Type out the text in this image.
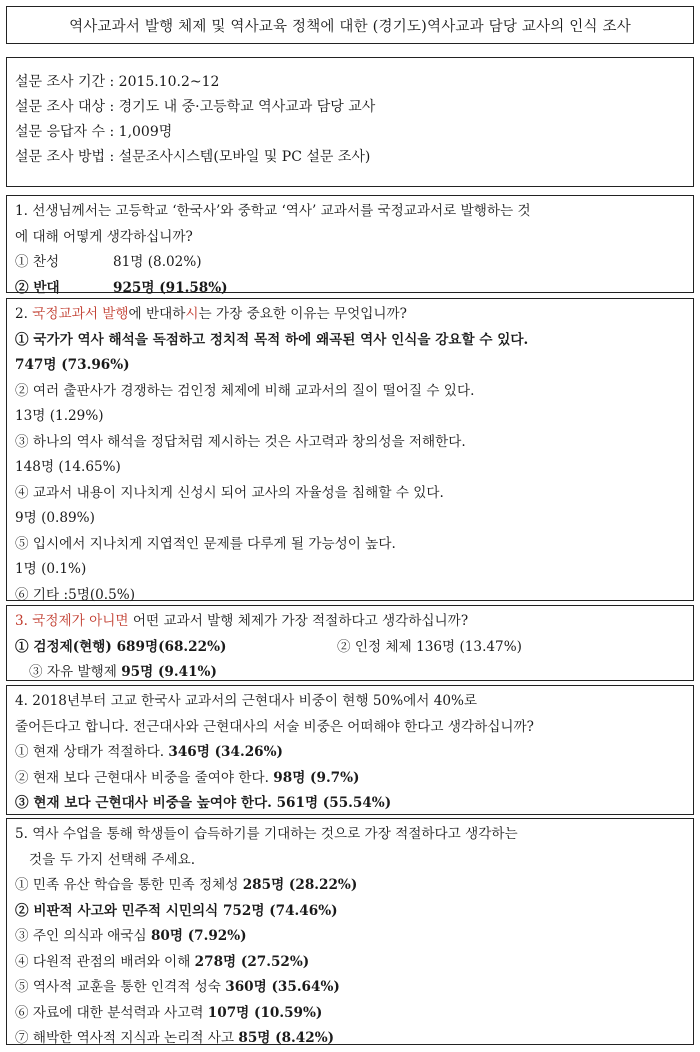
역사교과서 발행 체제 및 역사교육 정책에 대한 (경기도)역사교과 담당 교사의 인식 조사
설문 조사 기간 : 2015.10.2~12
설문 조사 대상 : 경기도 내 중·고등학교 역사교과 담당 교사
설문 응답자 수 : 1,009명
설문 조사 방법 : 설문조사시스템(모바일 및 PC 설문 조사)
1. 선생님께서는 고등학교 ‘한국사’와 중학교 ‘역사’ 교과서를 국정교과서로 발행하는 것
에 대해 어떻게 생각하십니까?
① 찬성	81명 (8.02%)
② 반대	925명 (91.58%)
2. 국정교과서 발행에 반대하시는 가장 중요한 이유는 무엇입니까?
① 국가가 역사 해석을 독점하고 정치적 목적 하에 왜곡된 역사 인식을 강요할 수 있다.
747명 (73.96%)
② 여러 출판사가 경쟁하는 검인정 체제에 비해 교과서의 질이 떨어질 수 있다.
13명 (1.29%)
③ 하나의 역사 해석을 정답처럼 제시하는 것은 사고력과 창의성을 저해한다.
148명 (14.65%)
④ 교과서 내용이 지나치게 신성시 되어 교사의 자율성을 침해할 수 있다.
9명 (0.89%)
⑤ 입시에서 지나치게 지엽적인 문제를 다루게 될 가능성이 높다.
1명 (0.1%)
⑥ 기타 :5명(0.5%)
3. 국정제가 아니면 어떤 교과서 발행 체제가 가장 적절하다고 생각하십니까?
① 검정제(현행) 689명(68.22%)	② 인정 체제 136명 (13.47%)
③ 자유 발행제 95명 (9.41%)
4. 2018년부터 고교 한국사 교과서의 근현대사 비중이 현행 50%에서 40%로
줄어든다고 합니다. 전근대사와 근현대사의 서술 비중은 어떠해야 한다고 생각하십니까?
① 현재 상태가 적절하다. 346명 (34.26%)
② 현재 보다 근현대사 비중을 줄여야 한다. 98명 (9.7%)
③ 현재 보다 근현대사 비중을 높여야 한다. 561명 (55.54%)
5. 역사 수업을 통해 학생들이 습득하기를 기대하는 것으로 가장 적절하다고 생각하는
것을 두 가지 선택해 주세요.
① 민족 유산 학습을 통한 민족 정체성 285명 (28.22%)
② 비판적 사고와 민주적 시민의식 752명 (74.46%)
③ 주인 의식과 애국심 80명 (7.92%)
④ 다원적 관점의 배려와 이해 278명 (27.52%)
⑤ 역사적 교훈을 통한 인격적 성숙 360명 (35.64%)
⑥ 자료에 대한 분석력과 사고력 107명 (10.59%)
⑦ 해박한 역사적 지식과 논리적 사고 85명 (8.42%)
